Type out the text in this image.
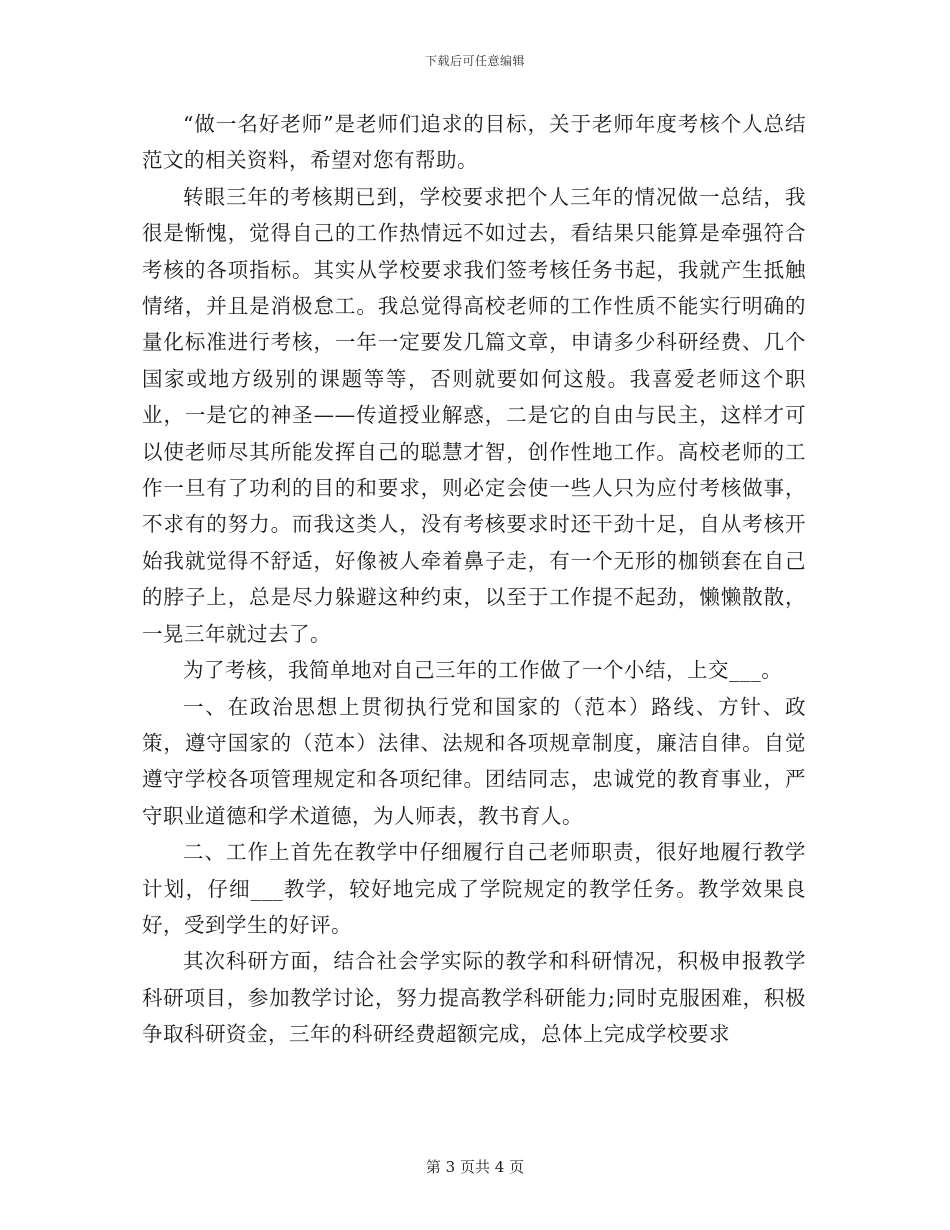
下载后可任意编辑

“做一名好老师”是老师们追求的目标，关于老师年度考核个人总结范文的相关资料，希望对您有帮助。

转眼三年的考核期已到，学校要求把个人三年的情况做一总结，我很是惭愧，觉得自己的工作热情远不如过去，看结果只能算是牵强符合考核的各项指标。其实从学校要求我们签考核任务书起，我就产生抵触情绪，并且是消极怠工。我总觉得高校老师的工作性质不能实行明确的量化标准进行考核，一年一定要发几篇文章，申请多少科研经费、几个国家或地方级别的课题等等，否则就要如何这般。我喜爱老师这个职业，一是它的神圣——传道授业解惑，二是它的自由与民主，这样才可以使老师尽其所能发挥自己的聪慧才智，创作性地工作。高校老师的工作一旦有了功利的目的和要求，则必定会使一些人只为应付考核做事，不求有的努力。而我这类人，没有考核要求时还干劲十足，自从考核开始我就觉得不舒适，好像被人牵着鼻子走，有一个无形的枷锁套在自己的脖子上，总是尽力躲避这种约束，以至于工作提不起劲，懒懒散散，一晃三年就过去了。

为了考核，我简单地对自己三年的工作做了一个小结，上交___。

一、在政治思想上贯彻执行党和国家的（范本）路线、方针、政策，遵守国家的（范本）法律、法规和各项规章制度，廉洁自律。自觉遵守学校各项管理规定和各项纪律。团结同志，忠诚党的教育事业，严守职业道德和学术道德，为人师表，教书育人。

二、工作上首先在教学中仔细履行自己老师职责，很好地履行教学计划，仔细___教学，较好地完成了学院规定的教学任务。教学效果良好，受到学生的好评。

其次科研方面，结合社会学实际的教学和科研情况，积极申报教学科研项目，参加教学讨论，努力提高教学科研能力;同时克服困难，积极争取科研资金，三年的科研经费超额完成，总体上完成学校要求

第 3 页共 4 页
